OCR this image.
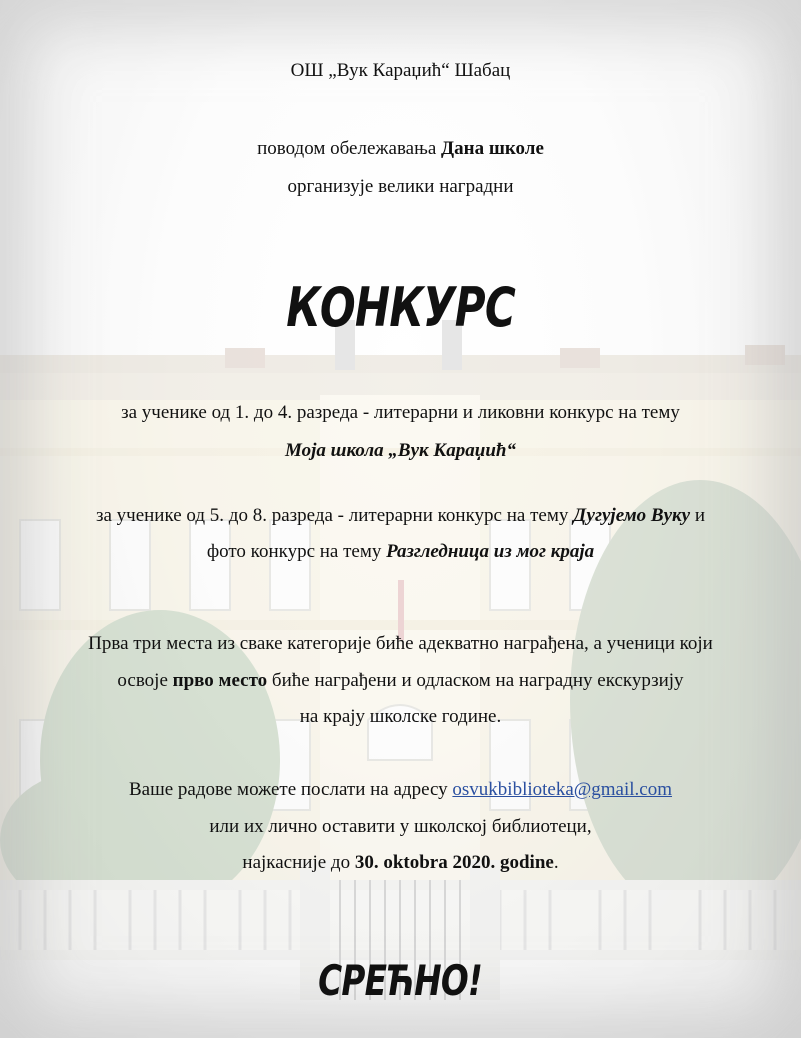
ОШ „Вук Караџић“ Шабац
поводом обележавања Дана школе
организује велики наградни
КОНКУРС
за ученике од 1. до 4. разреда - литерарни и ликовни конкурс на тему
Моја школа „Вук Караџић“
за ученике од 5. до 8. разреда - литерарни конкурс на тему Дугујемо Вуку и
фото конкурс на тему Разгледница из мог краја
Прва три места из сваке категорије биће адекватно награђена, а ученици који
освоје прво место биће награђени и одласком на наградну екскурзију
на крају школске године.
Ваше радове можете послати на адресу osvukbiblioteka@gmail.com
или их лично оставити у школској библиотеци,
најкасније до 30. oktobra 2020. godine.
СРЕЋНО!
